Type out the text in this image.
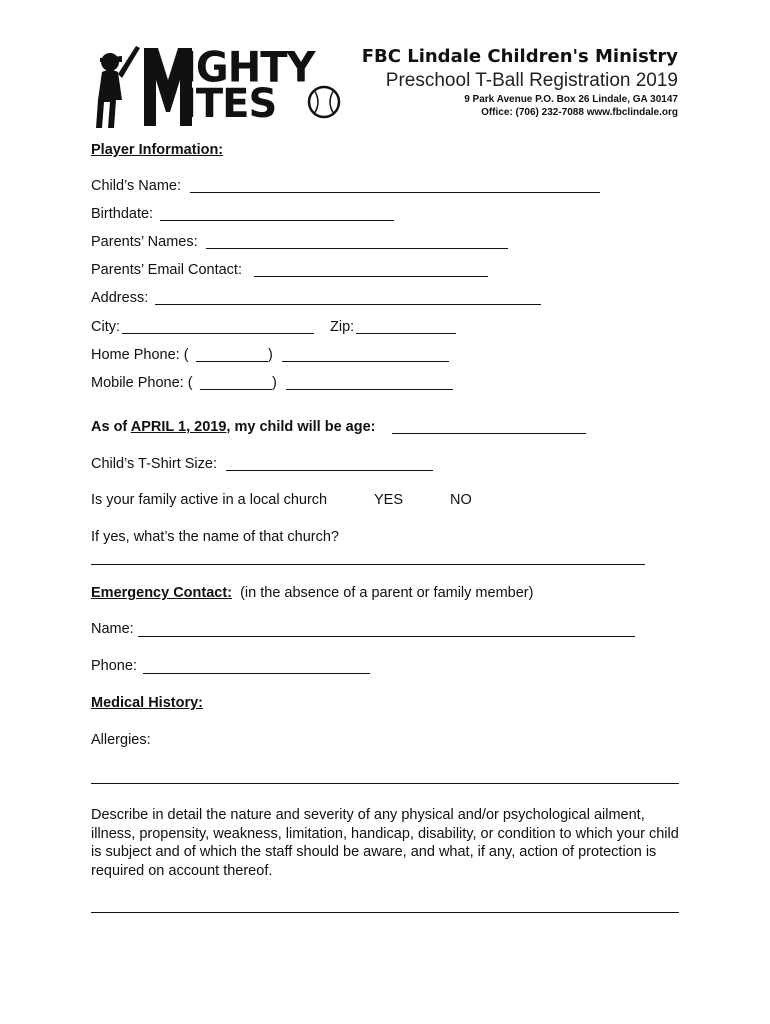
IGHTY
ITES
FBC Lindale Children's Ministry
Preschool T-Ball Registration 2019
9 Park Avenue P.O. Box 26 Lindale, GA 30147
Office: (706) 232-7088 www.fbclindale.org
Player Information:
Child’s Name:
Birthdate:
Parents’ Names:
Parents’ Email Contact:
Address:
City:	Zip:
Home Phone: (	)
Mobile Phone: (	)
As of APRIL 1, 2019, my child will be age:
Child’s T-Shirt Size:
Is your family active in a local church	YES	NO
If yes, what’s the name of that church?
Emergency Contact: (in the absence of a parent or family member)
Name:
Phone:
Medical History:
Allergies:
Describe in detail the nature and severity of any physical and/or psychological ailment, illness, propensity, weakness, limitation, handicap, disability, or condition to which your child is subject and of which the staff should be aware, and what, if any, action of protection is required on account thereof.
